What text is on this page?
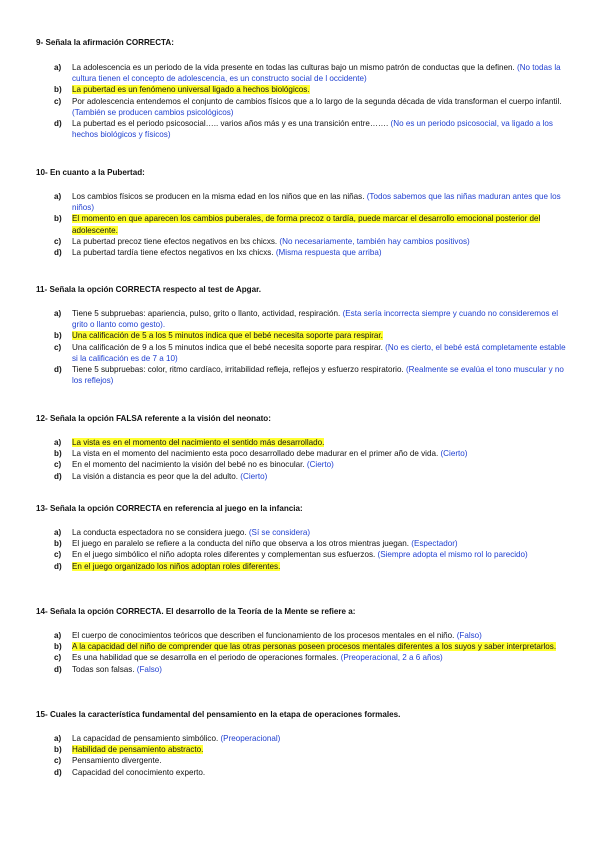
9- Señala la afirmación CORRECTA:
a) La adolescencia es un periodo de la vida presente en todas las culturas bajo un mismo patrón de conductas que la definen. (No todas la cultura tienen el concepto de adolescencia, es un constructo social de l occidente)
b) La pubertad es un fenómeno universal ligado a hechos biológicos.
c) Por adolescencia entendemos el conjunto de cambios físicos que a lo largo de la segunda década de vida transforman el cuerpo infantil. (También se producen cambios psicológicos)
d) La pubertad es el periodo psicosocial….. varios años más y es una transición entre……. (No es un periodo psicosocial, va ligado a los hechos biológicos y físicos)
10- En cuanto a la Pubertad:
a) Los cambios físicos se producen en la misma edad en los niños que en las niñas. (Todos sabemos que las niñas maduran antes que los niños)
b) El momento en que aparecen los cambios puberales, de forma precoz o tardía, puede marcar el desarrollo emocional posterior del adolescente.
c) La pubertad precoz tiene efectos negativos en lxs chicxs. (No necesariamente, también hay cambios positivos)
d) La pubertad tardía tiene efectos negativos en lxs chicxs. (Misma respuesta que arriba)
11- Señala la opción CORRECTA respecto al test de Apgar.
a) Tiene 5 subpruebas: apariencia, pulso, grito o llanto, actividad, respiración. (Esta sería incorrecta siempre y cuando no consideremos el grito o llanto como gesto).
b) Una calificación de 5 a los 5 minutos indica que el bebé necesita soporte para respirar.
c) Una calificación de 9 a los 5 minutos indica que el bebé necesita soporte para respirar. (No es cierto, el bebé está completamente estable si la calificación es de 7 a 10)
d) Tiene 5 subpruebas: color, ritmo cardíaco, irritabilidad refleja, reflejos y esfuerzo respiratorio. (Realmente se evalúa el tono muscular y no los reflejos)
12- Señala la opción FALSA referente a la visión del neonato:
a) La vista es en el momento del nacimiento el sentido más desarrollado.
b) La vista en el momento del nacimiento esta poco desarrollado debe madurar en el primer año de vida. (Cierto)
c) En el momento del nacimiento la visión del bebé no es binocular. (Cierto)
d) La visión a distancia es peor que la del adulto. (Cierto)
13- Señala la opción CORRECTA en referencia al juego en la infancia:
a) La conducta espectadora no se considera juego. (Sí se considera)
b) El juego en paralelo se refiere a la conducta del niño que observa a los otros mientras juegan. (Espectador)
c) En el juego simbólico el niño adopta roles diferentes y complementan sus esfuerzos. (Siempre adopta el mismo rol lo parecido)
d) En el juego organizado los niños adoptan roles diferentes.
14- Señala la opción CORRECTA. El desarrollo de la Teoría de la Mente se refiere a:
a) El cuerpo de conocimientos teóricos que describen el funcionamiento de los procesos mentales en el niño. (Falso)
b) A la capacidad del niño de comprender que las otras personas poseen procesos mentales diferentes a los suyos y saber interpretarlos.
c) Es una habilidad que se desarrolla en el periodo de operaciones formales. (Preoperacional, 2 a 6 años)
d) Todas son falsas. (Falso)
15- Cuales la característica fundamental del pensamiento en la etapa de operaciones formales.
a) La capacidad de pensamiento simbólico. (Preoperacional)
b) Habilidad de pensamiento abstracto.
c) Pensamiento divergente.
d) Capacidad del conocimiento experto.
